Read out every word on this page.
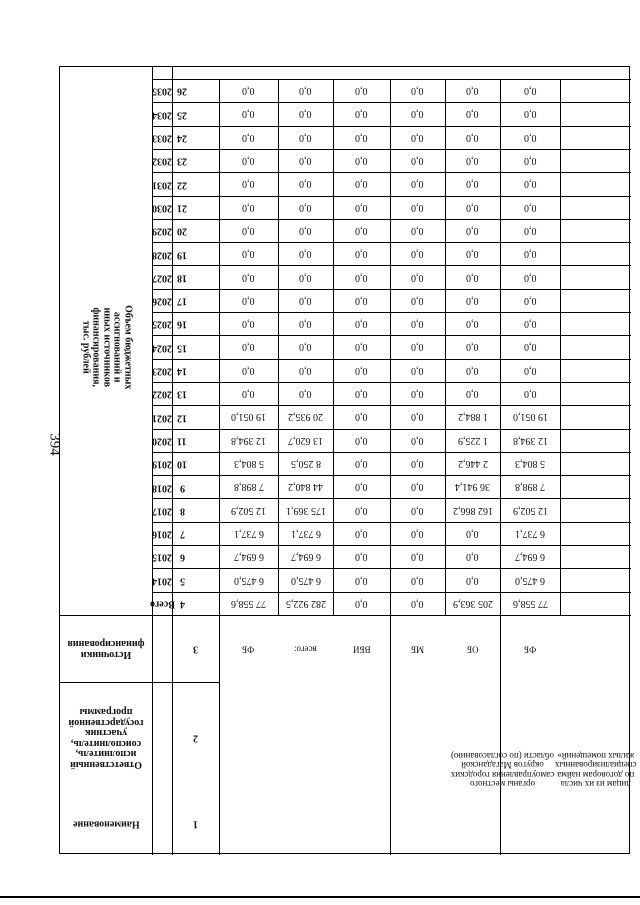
394
Объем бюджетных ассигнований и иных источников финансирования, тыс. рублей
2035 26
2034 25
2033 24
2032 23
2031 22
2030 21
2029 20
2028 19
2027 18
2026 17
2025 16
2024 15
2023 14
2022 13
2021 12
2020 11
2019 10
2018 9
2017 8
2016 7
2015 6
2014 5
Всего 4
0,0
0,0
0,0
0,0
0,0
0,0
0,0
0,0
0,0
0,0
0,0
0,0
0,0
0,0
19 051,0
12 394,8
5 804,3
7 898,8
12 502,9
6 737,1
6 694,7
6 475,0
77 558,6
ФБ
0,0
0,0
0,0
0,0
0,0
0,0
0,0
0,0
0,0
0,0
0,0
0,0
0,0
0,0
20 935,2
13 620,7
8 250,5
44 840,2
175 369,1
6 737,1
6 694,7
6 475,0
282 922,5
всего:
0,0
0,0
0,0
0,0
0,0
0,0
0,0
0,0
0,0
0,0
0,0
0,0
0,0
0,0
0,0
0,0
0,0
0,0
0,0
0,0
0,0
0,0
0,0
ВБИ
0,0
0,0
0,0
0,0
0,0
0,0
0,0
0,0
0,0
0,0
0,0
0,0
0,0
0,0
0,0
0,0
0,0
0,0
0,0
0,0
0,0
0,0
0,0
МБ
0,0
0,0
0,0
0,0
0,0
0,0
0,0
0,0
0,0
0,0
0,0
0,0
0,0
0,0
1 884,2
1 225,9
2 446,2
36 941,4
162 866,2
0,0
0,0
0,0
205 363,9
ОБ
0,0
0,0
0,0
0,0
0,0
0,0
0,0
0,0
0,0
0,0
0,0
0,0
0,0
0,0
19 051,0
12 394,8
5 804,3
7 898,8
12 502,9
6 737,1
6 694,7
6 475,0
77 558,6
ФБ
3
Источники финансирования
Ответственный исполнитель, соисполнитель, участник государственной программы
2
Наименование	1
лицам из их числа по договорам найма специализированных жилых помещений»
органы местного самоуправления городских округов Магаданской области (по согласованию)
